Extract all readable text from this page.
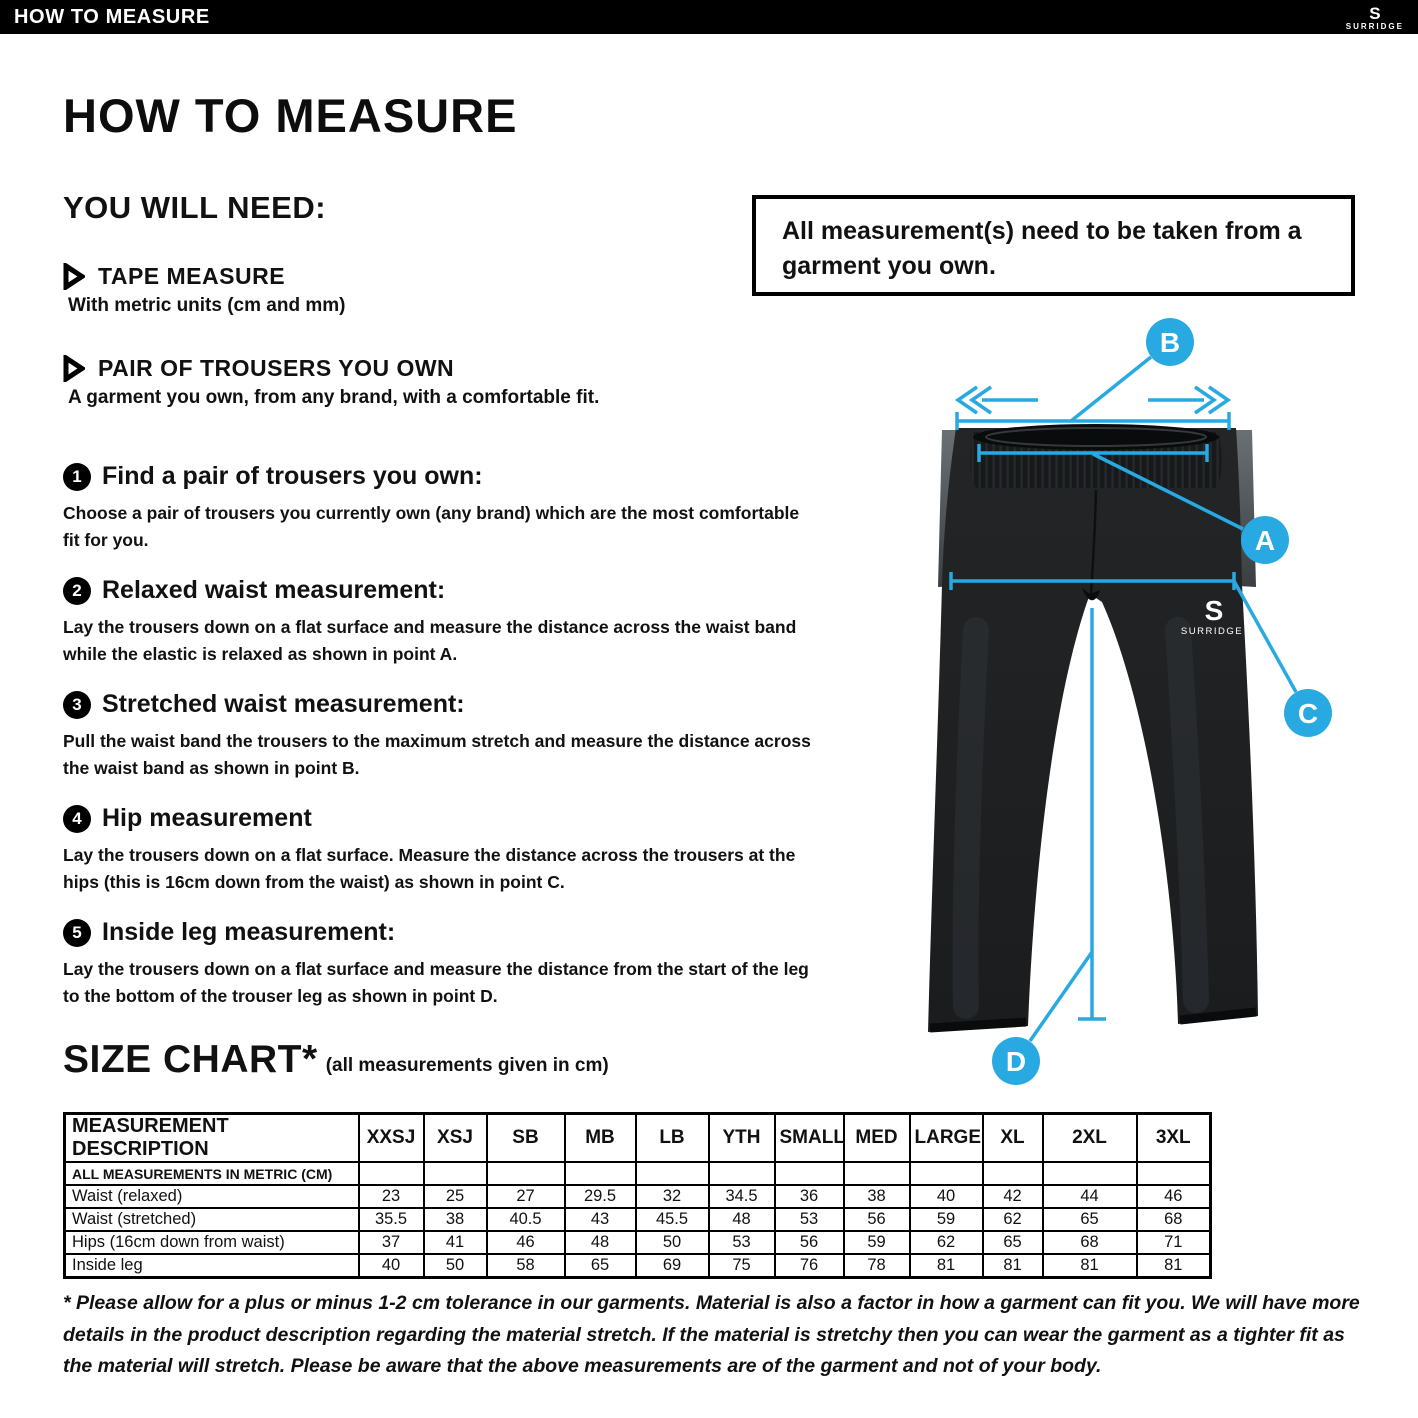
HOW TO MEASURE	S
SURRIDGE
HOW TO MEASURE
YOU WILL NEED:
TAPE MEASURE
With metric units (cm and mm)
PAIR OF TROUSERS YOU OWN
A garment you own, from any brand, with a comfortable fit.
All measurement(s) need to be taken from a garment you own.
1 Find a pair of trousers you own:
Choose a pair of trousers you currently own (any brand) which are the most comfortable fit for you.
2 Relaxed waist measurement:
Lay the trousers down on a flat surface and measure the distance across the waist band while the elastic is relaxed as shown in point A.
3 Stretched waist measurement:
Pull the waist band the trousers to the maximum stretch and measure the distance across the waist band as shown in point B.
4 Hip measurement
Lay the trousers down on a flat surface. Measure the distance across the trousers at the hips (this is 16cm down from the waist) as shown in point C.
5 Inside leg measurement:
Lay the trousers down on a flat surface and measure the distance from the start of the leg to the bottom of the trouser leg as shown in point D.
S
SURRIDGE
B
A
C
D
SIZE CHART* (all measurements given in cm)
MEASUREMENT DESCRIPTION	XXSJ	XSJ	SB	MB	LB	YTH	SMALL	MED	LARGE	XL	2XL	3XL
ALL MEASUREMENTS IN METRIC (CM)												
Waist (relaxed)	23	25	27	29.5	32	34.5	36	38	40	42	44	46
Waist (stretched)	35.5	38	40.5	43	45.5	48	53	56	59	62	65	68
Hips (16cm down from waist)	37	41	46	48	50	53	56	59	62	65	68	71
Inside leg	40	50	58	65	69	75	76	78	81	81	81	81

* Please allow for a plus or minus 1-2 cm tolerance in our garments. Material is also a factor in how a garment can fit you. We will have more details in the product description regarding the material stretch. If the material is stretchy then you can wear the garment as a tighter fit as the material will stretch. Please be aware that the above measurements are of the garment and not of your body.
